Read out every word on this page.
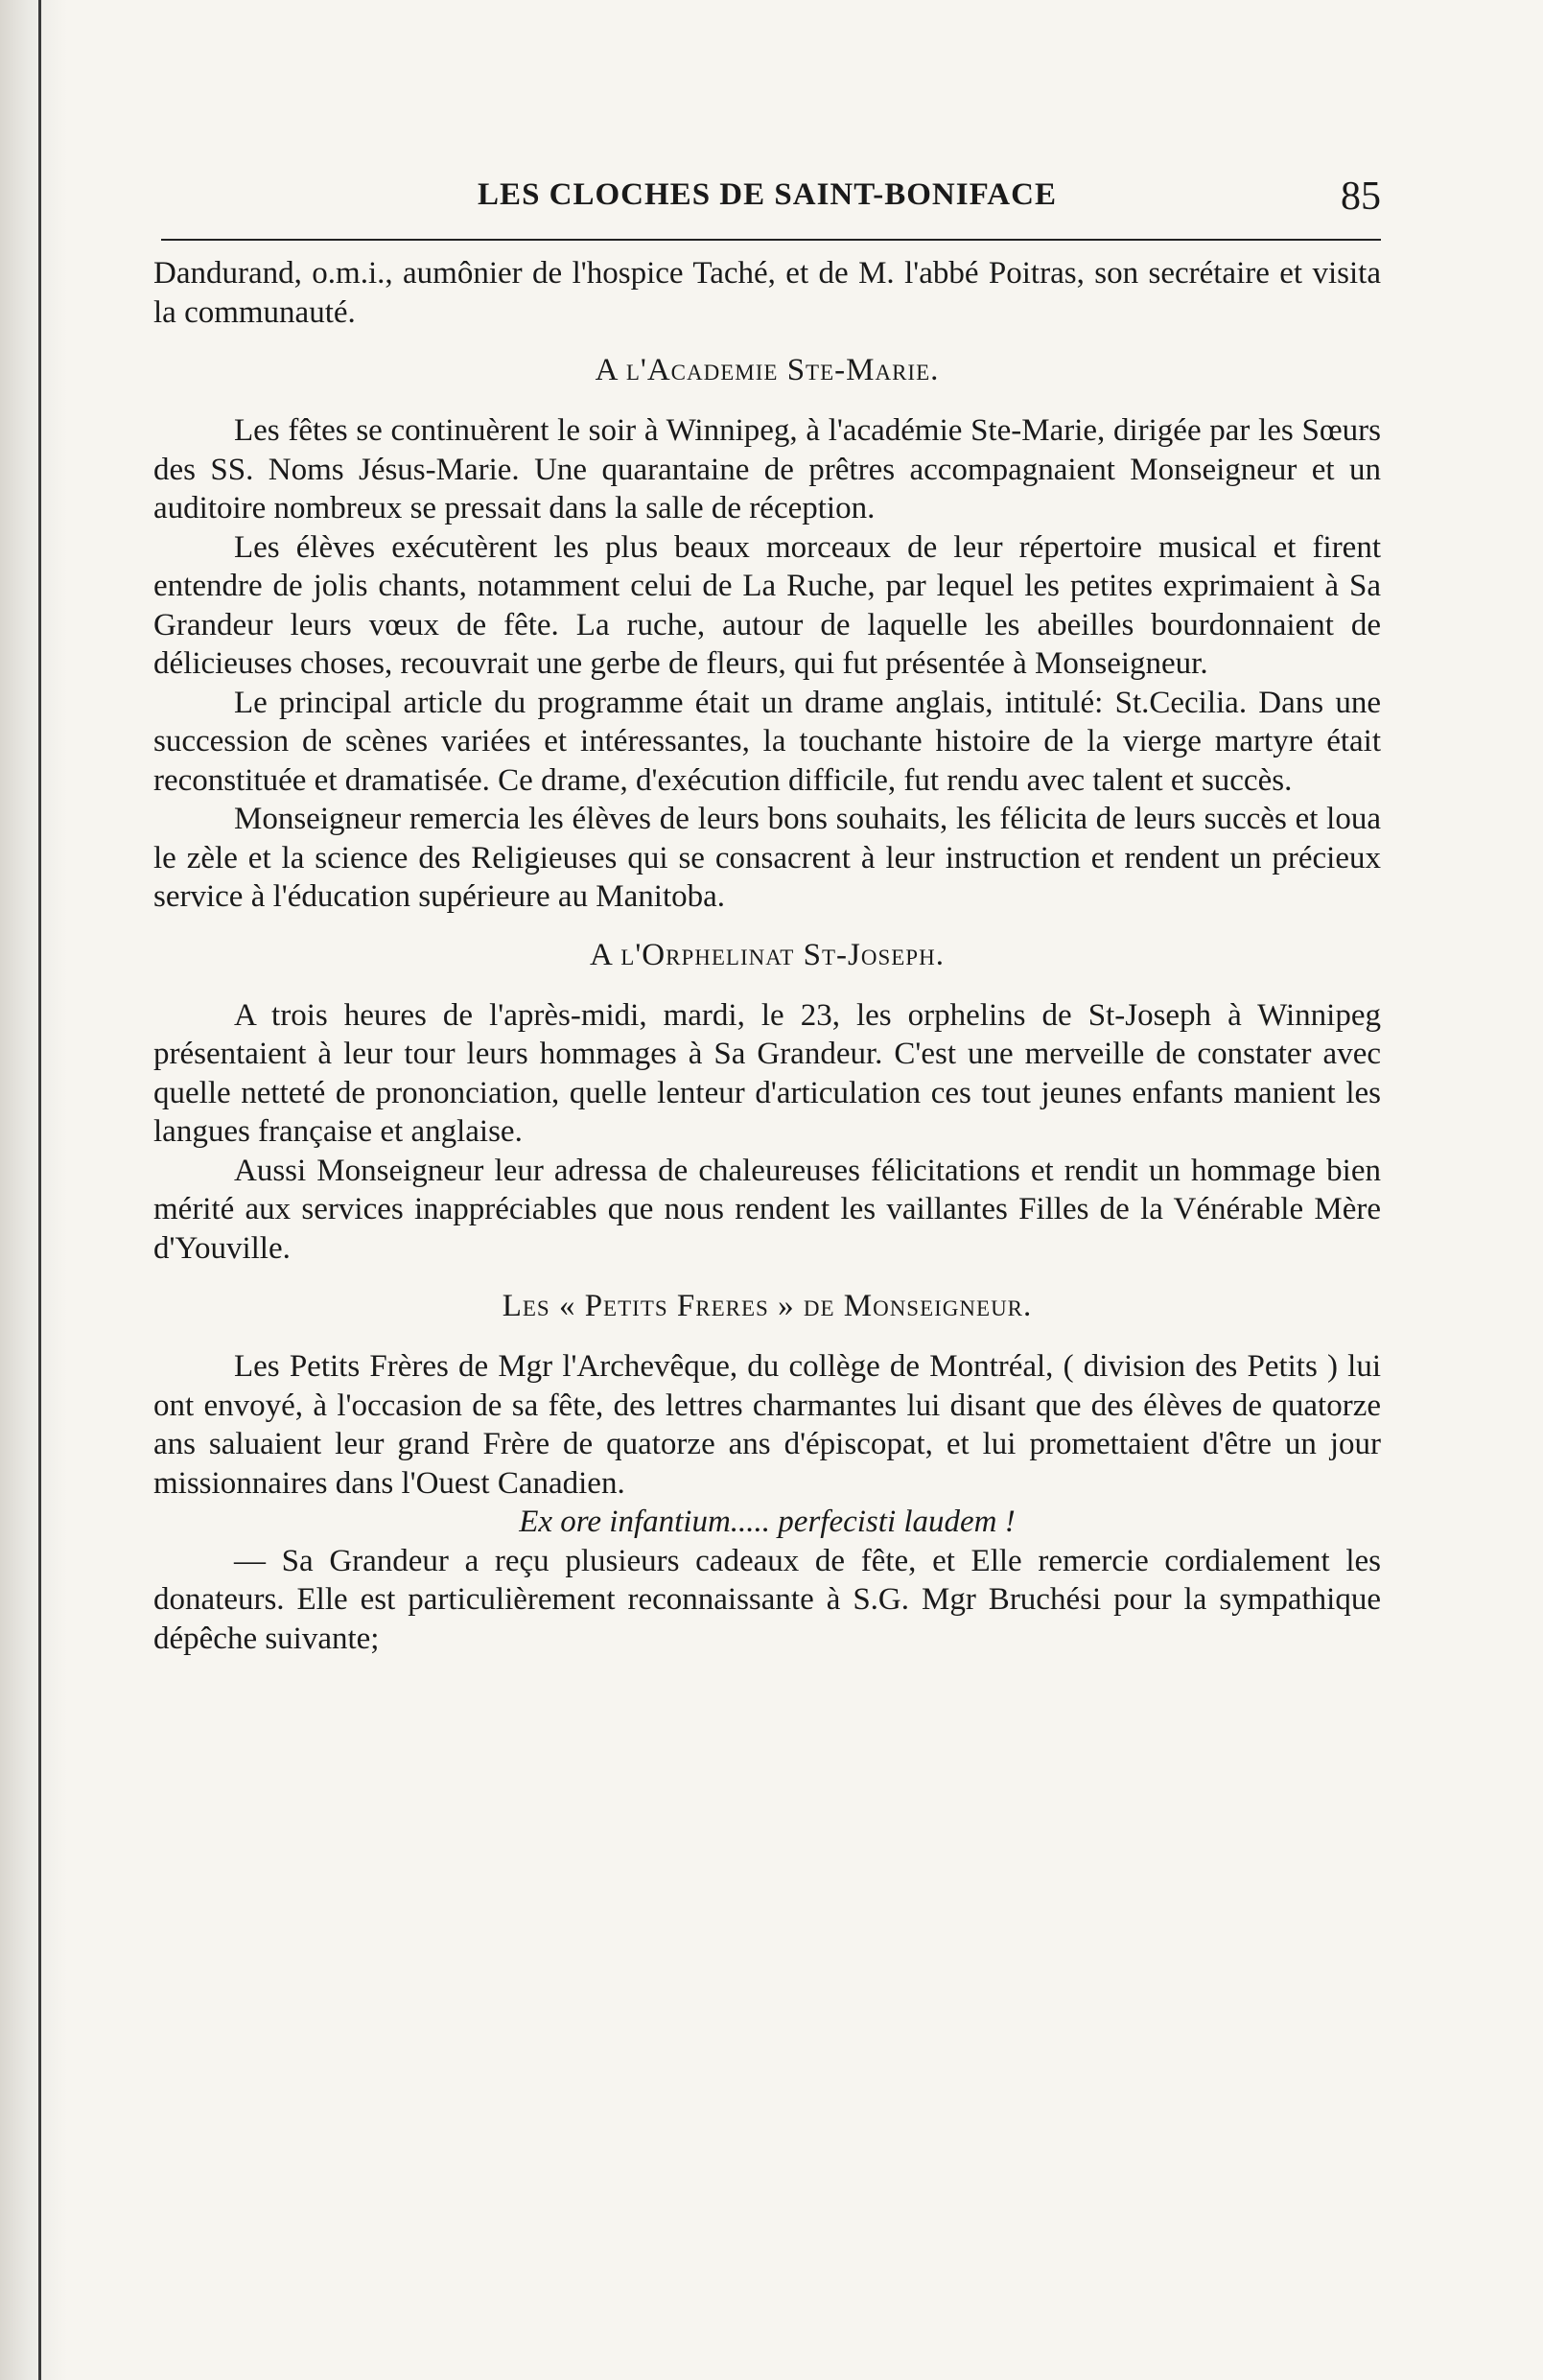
LES CLOCHES DE SAINT-BONIFACE	85

Dandurand, o.m.i., aumônier de l'hospice Taché, et de M. l'abbé Poitras, son secrétaire et visita la communauté.

A l'Academie Ste-Marie.

Les fêtes se continuèrent le soir à Winnipeg, à l'académie Ste-Marie, dirigée par les Sœurs des SS. Noms Jésus-Marie. Une quarantaine de prêtres accompagnaient Monseigneur et un auditoire nombreux se pressait dans la salle de réception.

Les élèves exécutèrent les plus beaux morceaux de leur répertoire musical et firent entendre de jolis chants, notamment celui de La Ruche, par lequel les petites exprimaient à Sa Grandeur leurs vœux de fête. La ruche, autour de laquelle les abeilles bourdonnaient de délicieuses choses, recouvrait une gerbe de fleurs, qui fut présentée à Monseigneur.

Le principal article du programme était un drame anglais, intitulé: St.Cecilia. Dans une succession de scènes variées et intéressantes, la touchante histoire de la vierge martyre était reconstituée et dramatisée. Ce drame, d'exécution difficile, fut rendu avec talent et succès.

Monseigneur remercia les élèves de leurs bons souhaits, les félicita de leurs succès et loua le zèle et la science des Religieuses qui se consacrent à leur instruction et rendent un précieux service à l'éducation supérieure au Manitoba.

A l'Orphelinat St-Joseph.

A trois heures de l'après-midi, mardi, le 23, les orphelins de St-Joseph à Winnipeg présentaient à leur tour leurs hommages à Sa Grandeur. C'est une merveille de constater avec quelle netteté de prononciation, quelle lenteur d'articulation ces tout jeunes enfants manient les langues française et anglaise.

Aussi Monseigneur leur adressa de chaleureuses félicitations et rendit un hommage bien mérité aux services inappréciables que nous rendent les vaillantes Filles de la Vénérable Mère d'Youville.

Les « Petits Freres » de Monseigneur.

Les Petits Frères de Mgr l'Archevêque, du collège de Montréal, ( division des Petits ) lui ont envoyé, à l'occasion de sa fête, des lettres charmantes lui disant que des élèves de quatorze ans saluaient leur grand Frère de quatorze ans d'épiscopat, et lui promettaient d'être un jour missionnaires dans l'Ouest Canadien.

Ex ore infantium..... perfecisti laudem !

— Sa Grandeur a reçu plusieurs cadeaux de fête, et Elle remercie cordialement les donateurs. Elle est particulièrement reconnaissante à S.G. Mgr Bruchési pour la sympathique dépêche suivante;
